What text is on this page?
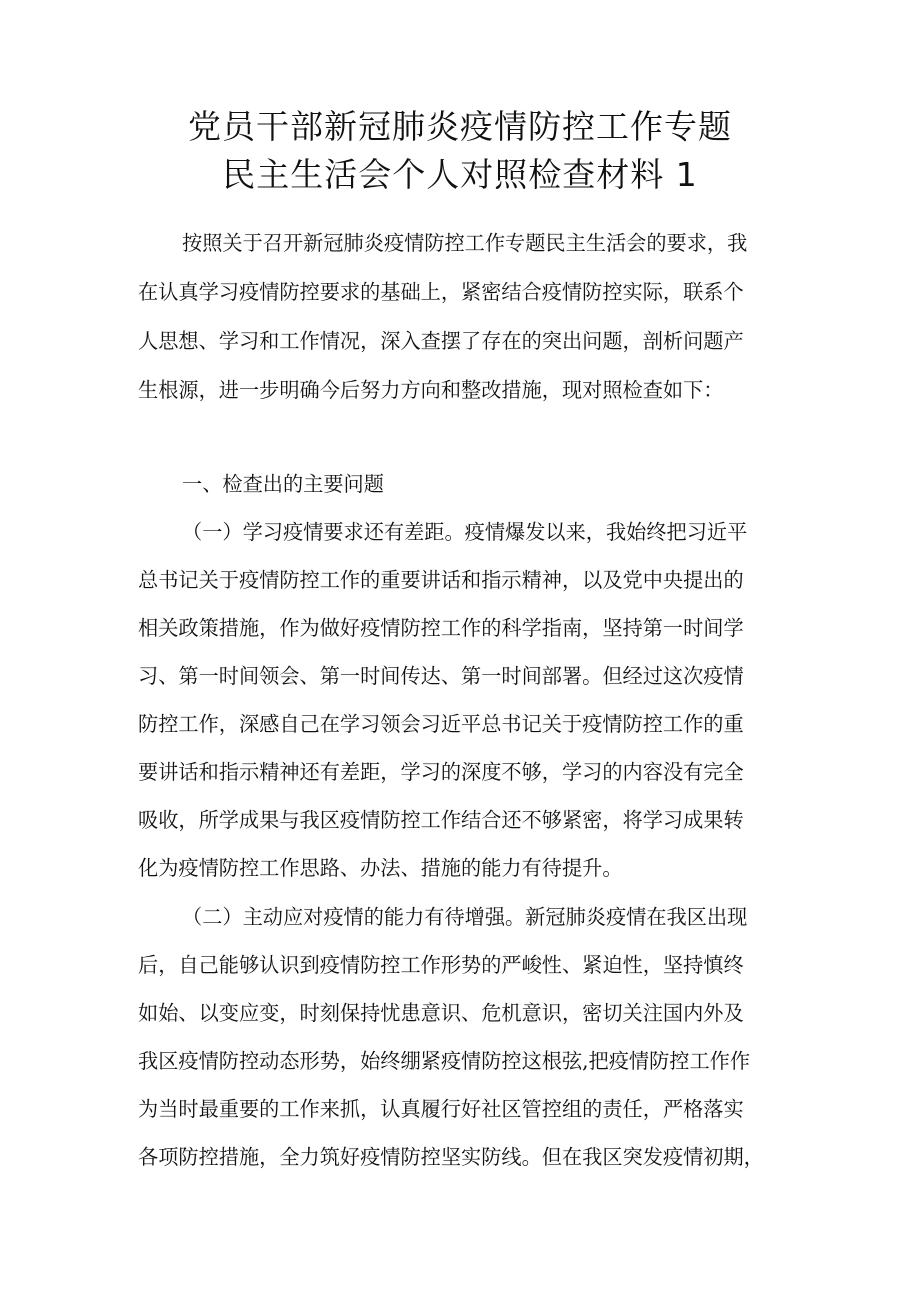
党员干部新冠肺炎疫情防控工作专题
民主生活会个人对照检查材料 1
按照关于召开新冠肺炎疫情防控工作专题民主生活会的要求，我
在认真学习疫情防控要求的基础上，紧密结合疫情防控实际，联系个
人思想、学习和工作情况，深入查摆了存在的突出问题，剖析问题产
生根源，进一步明确今后努力方向和整改措施，现对照检查如下：
一、检查出的主要问题
（一）学习疫情要求还有差距。疫情爆发以来，我始终把习近平
总书记关于疫情防控工作的重要讲话和指示精神，以及党中央提出的
相关政策措施，作为做好疫情防控工作的科学指南，坚持第一时间学
习、第一时间领会、第一时间传达、第一时间部署。但经过这次疫情
防控工作，深感自己在学习领会习近平总书记关于疫情防控工作的重
要讲话和指示精神还有差距，学习的深度不够，学习的内容没有完全
吸收，所学成果与我区疫情防控工作结合还不够紧密，将学习成果转
化为疫情防控工作思路、办法、措施的能力有待提升。
（二）主动应对疫情的能力有待增强。新冠肺炎疫情在我区出现
后，自己能够认识到疫情防控工作形势的严峻性、紧迫性，坚持慎终
如始、以变应变，时刻保持忧患意识、危机意识，密切关注国内外及
我区疫情防控动态形势，始终绷紧疫情防控这根弦,把疫情防控工作作
为当时最重要的工作来抓，认真履行好社区管控组的责任，严格落实
各项防控措施，全力筑好疫情防控坚实防线。但在我区突发疫情初期，
